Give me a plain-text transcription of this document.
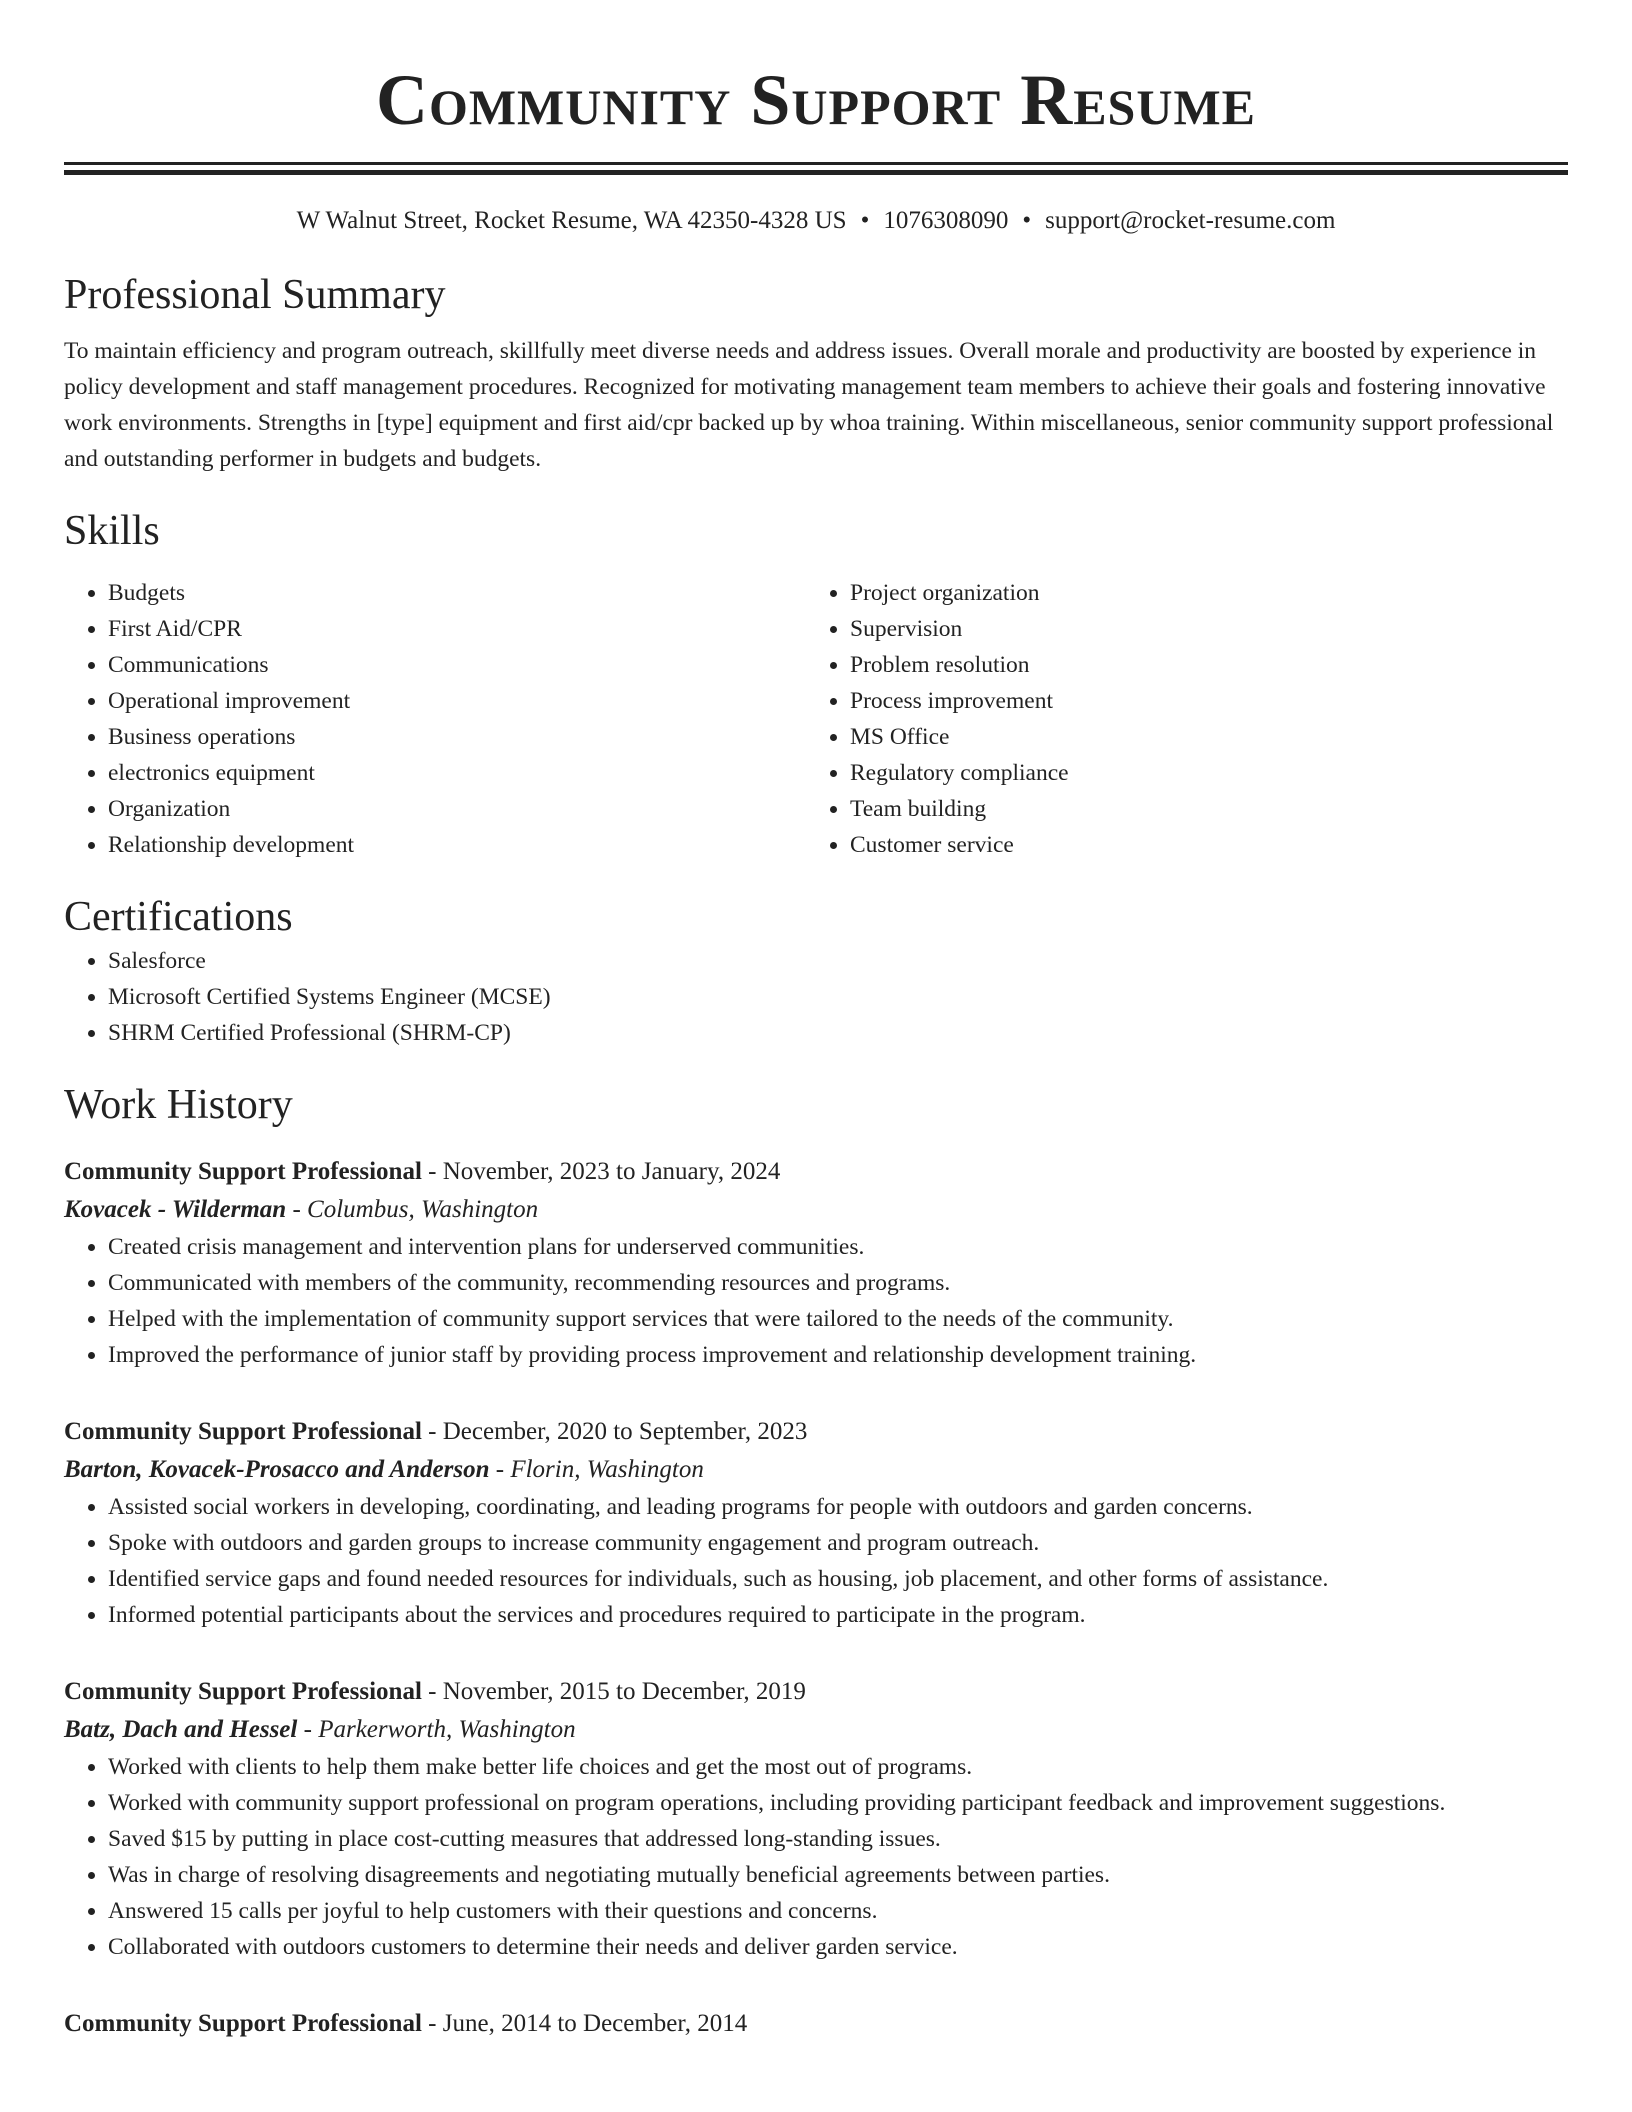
Community Support Resume
W Walnut Street, Rocket Resume, WA 42350-4328 US • 1076308090 • support@rocket-resume.com
Professional Summary

To maintain efficiency and program outreach, skillfully meet diverse needs and address issues. Overall morale and productivity are boosted by experience in policy development and staff management procedures. Recognized for motivating management team members to achieve their goals and fostering innovative work environments. Strengths in [type] equipment and first aid/cpr backed up by whoa training. Within miscellaneous, senior community support professional and outstanding performer in budgets and budgets.

Skills
• Budgets
• First Aid/CPR
• Communications
• Operational improvement
• Business operations
• electronics equipment
• Organization
• Relationship development
• Project organization
• Supervision
• Problem resolution
• Process improvement
• MS Office
• Regulatory compliance
• Team building
• Customer service
Certifications
• Salesforce
• Microsoft Certified Systems Engineer (MCSE)
• SHRM Certified Professional (SHRM-CP)
Work History
Community Support Professional - November, 2023 to January, 2024
Kovacek - Wilderman - Columbus, Washington
• Created crisis management and intervention plans for underserved communities.
• Communicated with members of the community, recommending resources and programs.
• Helped with the implementation of community support services that were tailored to the needs of the community.
• Improved the performance of junior staff by providing process improvement and relationship development training.
Community Support Professional - December, 2020 to September, 2023
Barton, Kovacek-Prosacco and Anderson - Florin, Washington
• Assisted social workers in developing, coordinating, and leading programs for people with outdoors and garden concerns.
• Spoke with outdoors and garden groups to increase community engagement and program outreach.
• Identified service gaps and found needed resources for individuals, such as housing, job placement, and other forms of assistance.
• Informed potential participants about the services and procedures required to participate in the program.
Community Support Professional - November, 2015 to December, 2019
Batz, Dach and Hessel - Parkerworth, Washington
• Worked with clients to help them make better life choices and get the most out of programs.
• Worked with community support professional on program operations, including providing participant feedback and improvement suggestions.
• Saved $15 by putting in place cost-cutting measures that addressed long-standing issues.
• Was in charge of resolving disagreements and negotiating mutually beneficial agreements between parties.
• Answered 15 calls per joyful to help customers with their questions and concerns.
• Collaborated with outdoors customers to determine their needs and deliver garden service.
Community Support Professional - June, 2014 to December, 2014
